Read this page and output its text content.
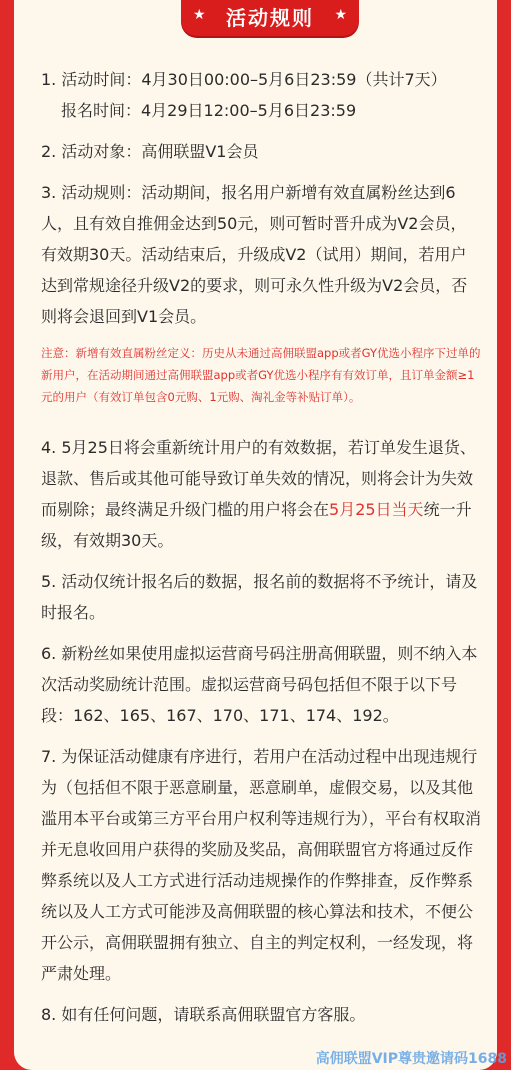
★	活动规则	★

1. 活动时间：4月30日00:00–5月6日23:59（共计7天）
报名时间：4月29日12:00–5月6日23:59

2. 活动对象：高佣联盟V1会员

3. 活动规则：活动期间，报名用户新增有效直属粉丝达到6人，且有效自推佣金达到50元，则可暂时晋升成为V2会员，有效期30天。活动结束后，升级成V2（试用）期间，若用户达到常规途径升级V2的要求，则可永久性升级为V2会员，否则将会退回到V1会员。

注意：新增有效直属粉丝定义：历史从未通过高佣联盟app或者GY优选小程序下过单的新用户，在活动期间通过高佣联盟app或者GY优选小程序有有效订单，且订单金额≥1元的用户（有效订单包含0元购、1元购、淘礼金等补贴订单）。

4. 5月25日将会重新统计用户的有效数据，若订单发生退货、退款、售后或其他可能导致订单失效的情况，则将会计为失效而剔除；最终满足升级门槛的用户将会在5月25日当天统一升级，有效期30天。

5. 活动仅统计报名后的数据，报名前的数据将不予统计，请及时报名。

6. 新粉丝如果使用虚拟运营商号码注册高佣联盟，则不纳入本次活动奖励统计范围。虚拟运营商号码包括但不限于以下号段：162、165、167、170、171、174、192。

7. 为保证活动健康有序进行，若用户在活动过程中出现违规行为（包括但不限于恶意刷量，恶意刷单，虚假交易，以及其他滥用本平台或第三方平台用户权利等违规行为），平台有权取消并无息收回用户获得的奖励及奖品，高佣联盟官方将通过反作弊系统以及人工方式进行活动违规操作的作弊排查，反作弊系统以及人工方式可能涉及高佣联盟的核心算法和技术，不便公开公示，高佣联盟拥有独立、自主的判定权利，一经发现，将严肃处理。

8. 如有任何问题，请联系高佣联盟官方客服。

高佣联盟VIP尊贵邀请码1688
